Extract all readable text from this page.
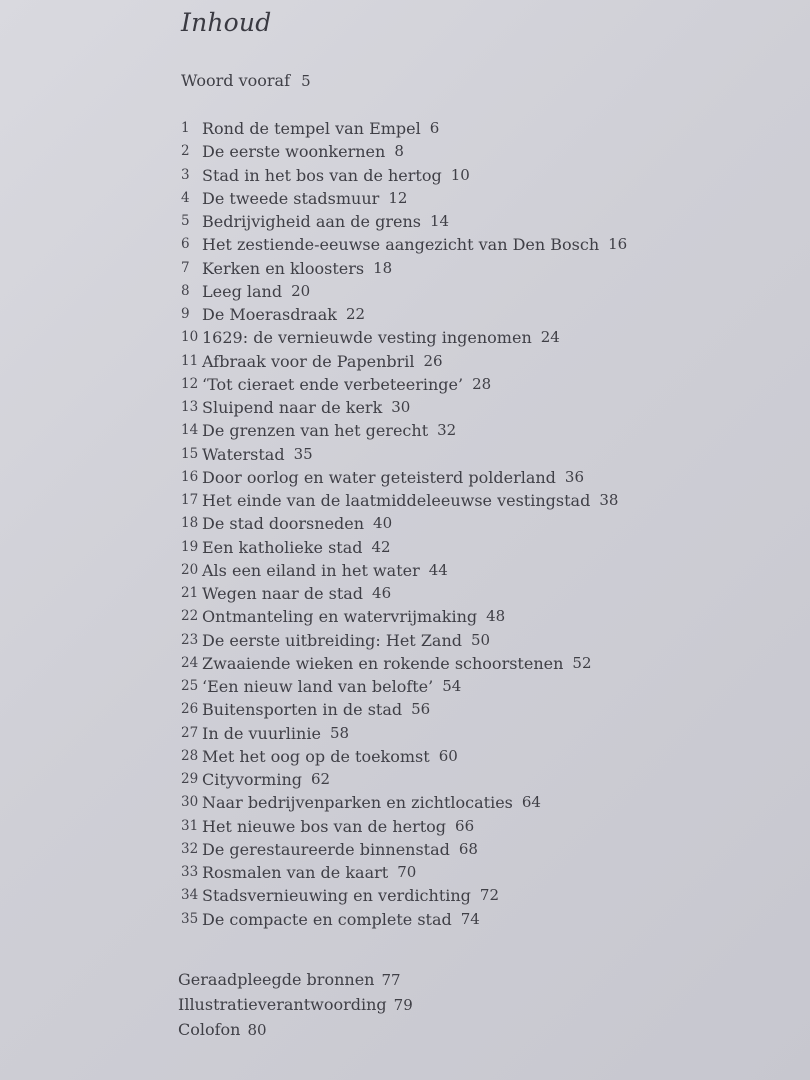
Inhoud
Woord vooraf 5
1 Rond de tempel van Empel 6
2 De eerste woonkernen 8
3 Stad in het bos van de hertog 10
4 De tweede stadsmuur 12
5 Bedrijvigheid aan de grens 14
6 Het zestiende-eeuwse aangezicht van Den Bosch 16
7 Kerken en kloosters 18
8 Leeg land 20
9 De Moerasdraak 22
10 1629: de vernieuwde vesting ingenomen 24
11 Afbraak voor de Papenbril 26
12 ‘Tot cieraet ende verbeteeringe’ 28
13 Sluipend naar de kerk 30
14 De grenzen van het gerecht 32
15 Waterstad 35
16 Door oorlog en water geteisterd polderland 36
17 Het einde van de laatmiddeleeuwse vestingstad 38
18 De stad doorsneden 40
19 Een katholieke stad 42
20 Als een eiland in het water 44
21 Wegen naar de stad 46
22 Ontmanteling en watervrijmaking 48
23 De eerste uitbreiding: Het Zand 50
24 Zwaaiende wieken en rokende schoorstenen 52
25 ‘Een nieuw land van belofte’ 54
26 Buitensporten in de stad 56
27 In de vuurlinie 58
28 Met het oog op de toekomst 60
29 Cityvorming 62
30 Naar bedrijvenparken en zichtlocaties 64
31 Het nieuwe bos van de hertog 66
32 De gerestaureerde binnenstad 68
33 Rosmalen van de kaart 70
34 Stadsvernieuwing en verdichting 72
35 De compacte en complete stad 74
Geraadpleegde bronnen 77
Illustratieverantwoording 79
Colofon 80
